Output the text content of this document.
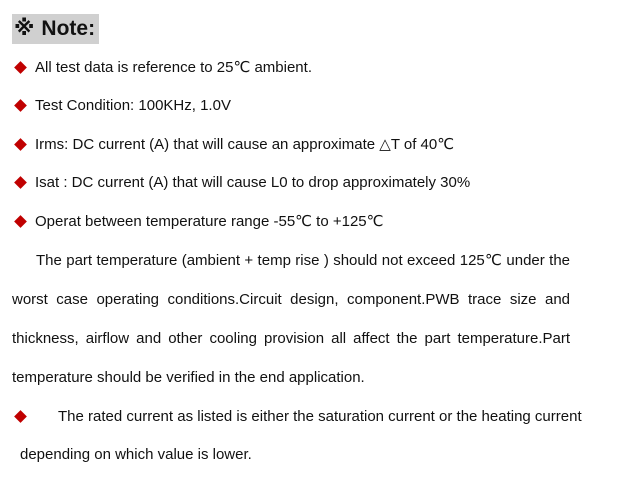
※ Note:
All test data is reference to 25℃ ambient.
Test Condition: 100KHz, 1.0V
Irms: DC current (A) that will cause an approximate △T of 40℃
Isat : DC current (A) that will cause L0 to drop approximately 30%
Operat between temperature range -55℃ to +125℃
The part temperature (ambient + temp rise ) should not exceed 125℃ under the
worst case operating conditions.Circuit design, component.PWB trace size and
thickness, airflow and other cooling provision all affect the part temperature.Part
temperature should be verified in the end application.
The rated current as listed is either the saturation current or the heating current
depending on which value is lower.
